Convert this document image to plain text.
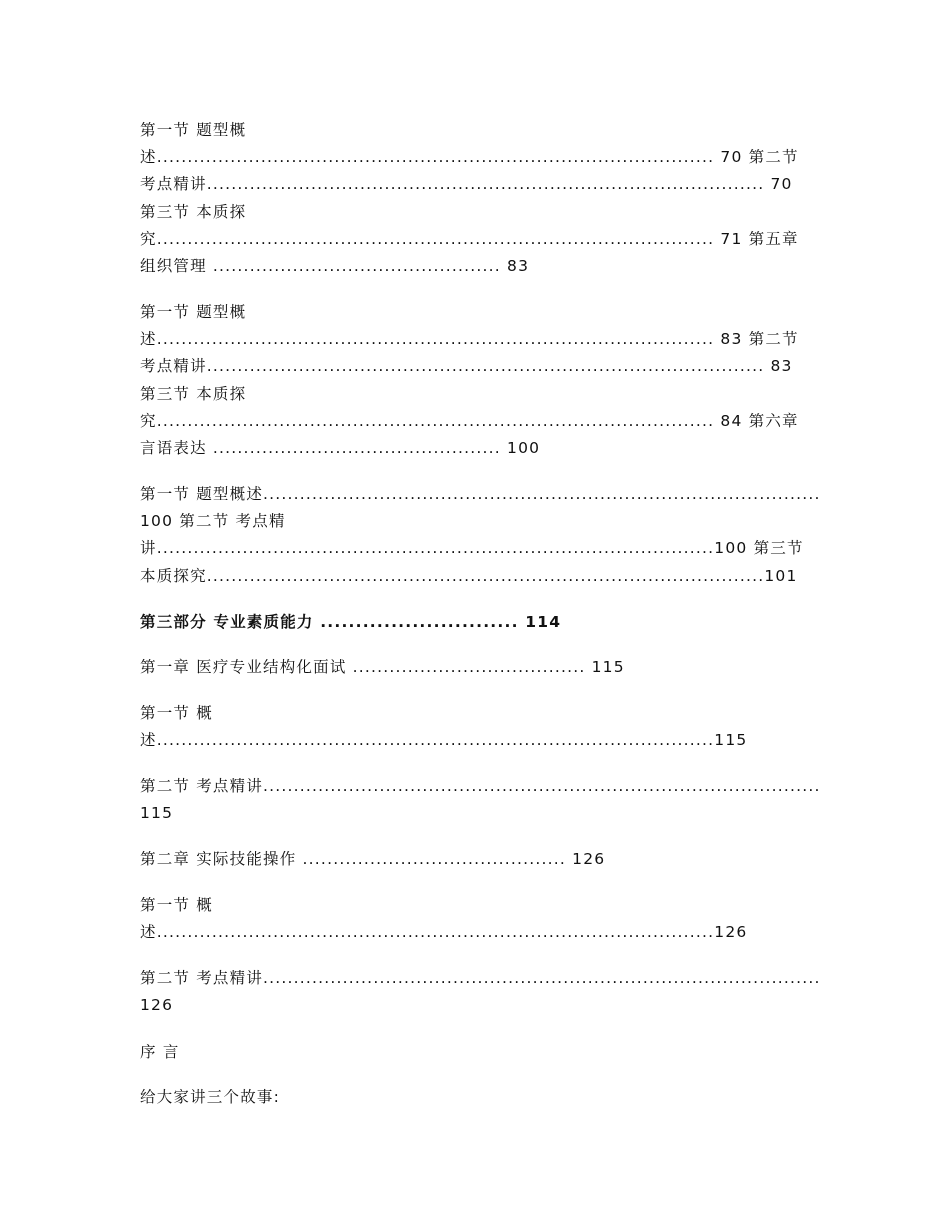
第一节 题型概
述........................................................................................... 70 第二节
考点精讲........................................................................................... 70
第三节 本质探
究........................................................................................... 71 第五章
组织管理 ............................................... 83
第一节 题型概
述........................................................................................... 83 第二节
考点精讲........................................................................................... 83
第三节 本质探
究........................................................................................... 84 第六章
言语表达 ............................................... 100
第一节 题型概述...........................................................................................
100 第二节 考点精
讲...........................................................................................100 第三节
本质探究...........................................................................................101
第三部分 专业素质能力 ............................ 114
第一章 医疗专业结构化面试 ...................................... 115
第一节 概
述...........................................................................................115
第二节 考点精讲...........................................................................................
115
第二章 实际技能操作 ........................................... 126
第一节 概
述...........................................................................................126
第二节 考点精讲...........................................................................................
126
序 言
给大家讲三个故事:
